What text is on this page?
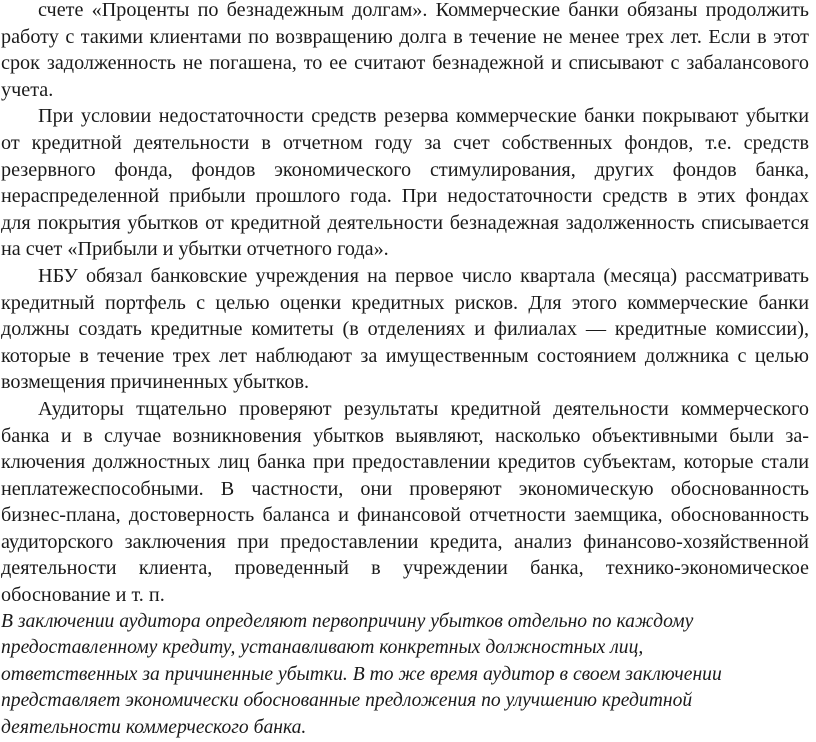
счете «Проценты по безнадежным долгам». Коммерческие банки обязаны продолжить
работу с такими клиентами по возвращению долга в течение не менее трех лет. Если в этот
срок задолженность не погашена, то ее считают безнадежной и списывают с забалансового
учета.
При условии недостаточности средств резерва коммерческие банки покрывают убытки
от кредитной деятельности в отчетном году за счет собственных фондов, т.е. средств
резервного фонда, фондов экономического стимулирования, других фондов банка,
нераспределенной прибыли прошлого года. При недостаточности средств в этих фондах
для покрытия убытков от кредитной деятельности безнадежная задолженность списывается
на счет «Прибыли и убытки отчетного года».
НБУ обязал банковские учреждения на первое число квартала (месяца) рассматривать
кредитный портфель с целью оценки кредитных рисков. Для этого коммерческие банки
должны создать кредитные комитеты (в отделениях и филиалах — кредитные комиссии),
которые в течение трех лет наблюдают за имущественным состоянием должника с целью
возмещения причиненных убытков.
Аудиторы тщательно проверяют результаты кредитной деятельности коммерческого
банка и в случае возникновения убытков выявляют, насколько объективными были за-
ключения должностных лиц банка при предоставлении кредитов субъектам, которые стали
неплатежеспособными. В частности, они проверяют экономическую обоснованность
бизнес-плана, достоверность баланса и финансовой отчетности заемщика, обоснованность
аудиторского заключения при предоставлении кредита, анализ финансово-хозяйственной
деятельности клиента, проведенный в учреждении банка, технико-экономическое
обоснование и т. п.
В заключении аудитора определяют первопричину убытков отдельно по каждому
предоставленному кредиту, устанавливают конкретных должностных лиц,
ответственных за причиненные убытки. В то же время аудитор в своем заключении
представляет экономически обоснованные предложения по улучшению кредитной
деятельности коммерческого банка.
